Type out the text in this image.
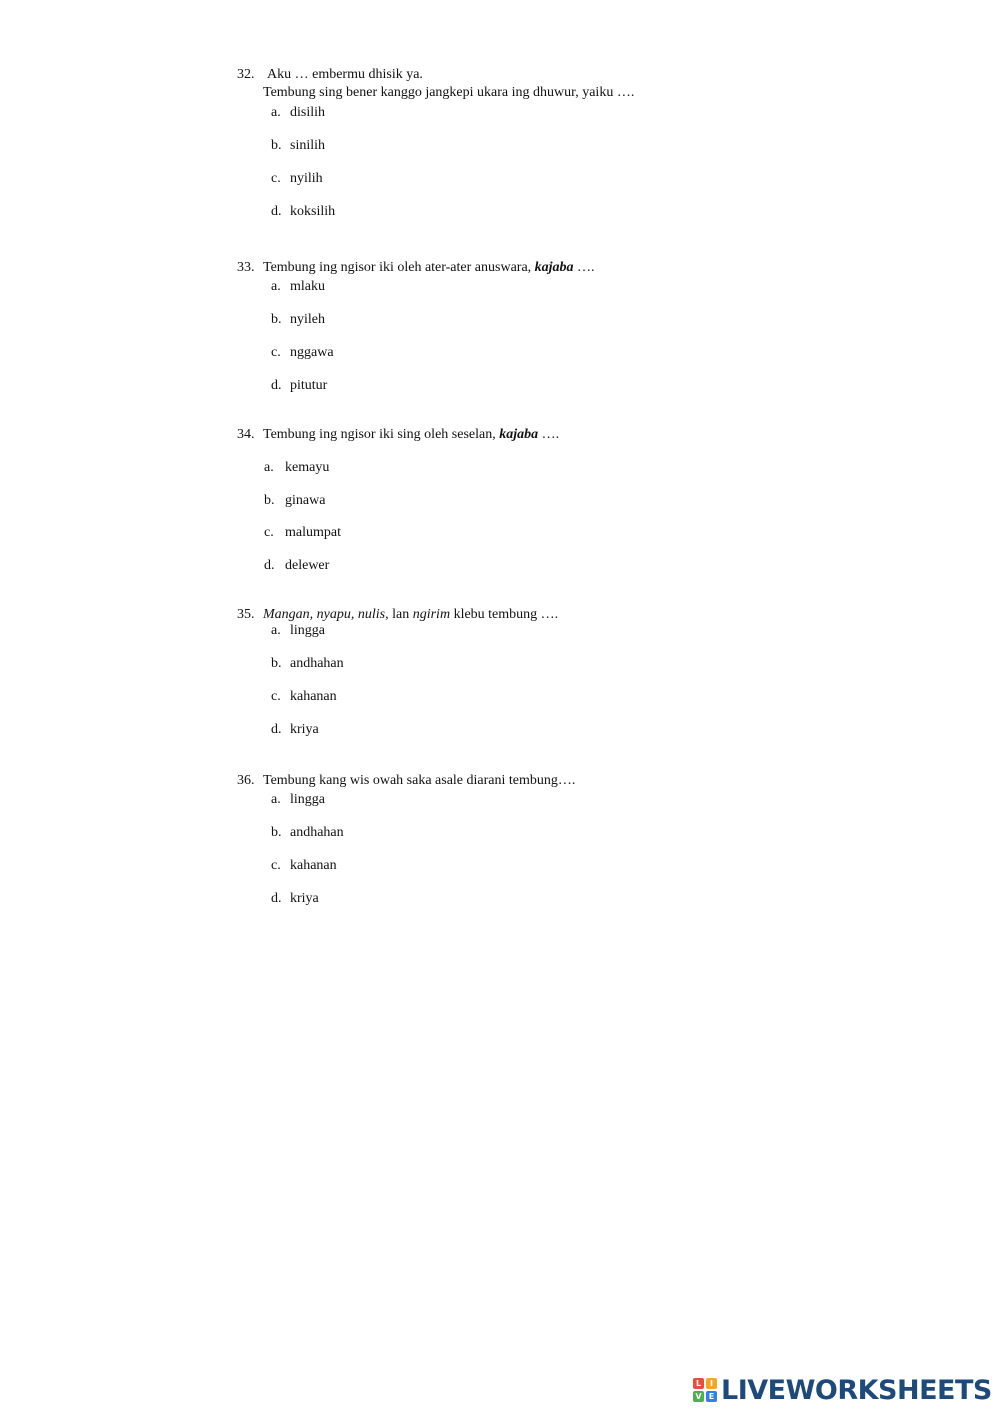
32. Aku … embermu dhisik ya.
Tembung sing bener kanggo jangkepi ukara ing dhuwur, yaiku ….
a. disilih
b. sinilih
c. nyilih
d. koksilih
33. Tembung ing ngisor iki oleh ater-ater anuswara, kajaba ….
a. mlaku
b. nyileh
c. nggawa
d. pitutur
34. Tembung ing ngisor iki sing oleh seselan, kajaba ….
a. kemayu
b. ginawa
c. malumpat
d. delewer
35. Mangan, nyapu, nulis, lan ngirim klebu tembung ….
a. lingga
b. andhahan
c. kahanan
d. kriya
36. Tembung kang wis owah saka asale diarani tembung….
a. lingga
b. andhahan
c. kahanan
d. kriya
L	I
V E LIVEWORKSHEETS
